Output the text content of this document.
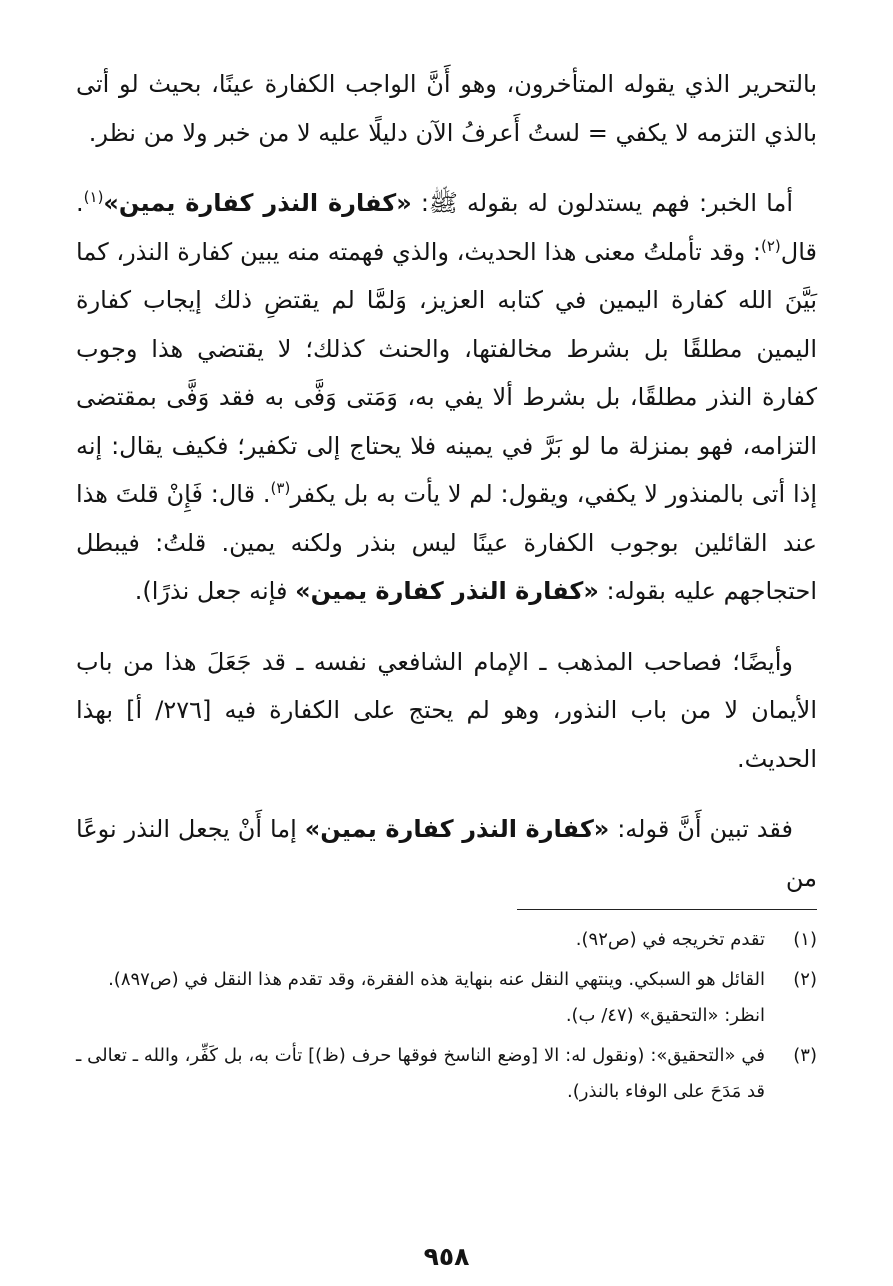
بالتحرير الذي يقوله المتأخرون، وهو أَنَّ الواجب الكفارة عينًا، بحيث لو أتى بالذي التزمه لا يكفي = لستُ أَعرفُ الآن دليلًا عليه لا من خبر ولا من نظر.

أما الخبر: فهم يستدلون له بقوله ﷺ: «كفارة النذر كفارة يمين»$^{(١)}$. قال$^{(٢)}$: وقد تأملتُ معنى هذا الحديث، والذي فهمته منه يبين كفارة النذر، كما بَيَّنَ الله كفارة اليمين في كتابه العزيز، وَلمَّا لم يقتضِ ذلك إيجاب كفارة اليمين مطلقًا بل بشرط مخالفتها، والحنث كذلك؛ لا يقتضي هذا وجوب كفارة النذر مطلقًا، بل بشرط ألا يفي به، وَمَتى وَفَّى به فقد وَفَّى بمقتضى التزامه، فهو بمنزلة ما لو بَرَّ في يمينه فلا يحتاج إلى تكفير؛ فكيف يقال: إنه إذا أتى بالمنذور لا يكفي، ويقول: لم لا يأت به بل يكفر$^{(٣)}$. قال: فَإِنْ قلتَ هذا عند القائلين بوجوب الكفارة عينًا ليس بنذر ولكنه يمين. قلتُ: فيبطل احتجاجهم عليه بقوله: «كفارة النذر كفارة يمين» فإنه جعل نذرًا).

وأيضًا؛ فصاحب المذهب ـ الإمام الشافعي نفسه ـ قد جَعَلَ هذا من باب الأيمان لا من باب النذور، وهو لم يحتج على الكفارة فيه [٢٧٦/ أ] بهذا الحديث.

فقد تبين أَنَّ قوله: «كفارة النذر كفارة يمين» إما أَنْ يجعل النذر نوعًا من

(١)
تقدم تخريجه في (ص٩٢).
(٢)
القائل هو السبكي. وينتهي النقل عنه بنهاية هذه الفقرة، وقد تقدم هذا النقل في (ص٨٩٧).
انظر: «التحقيق» (٤٧/ ب).
(٣)
في «التحقيق»: (ونقول له: الا [وضع الناسخ فوقها حرف (ظ)] تأت به، بل كَفِّر، والله ـ تعالى ـ قد مَدَحَ على الوفاء بالنذر).
٩٥٨
